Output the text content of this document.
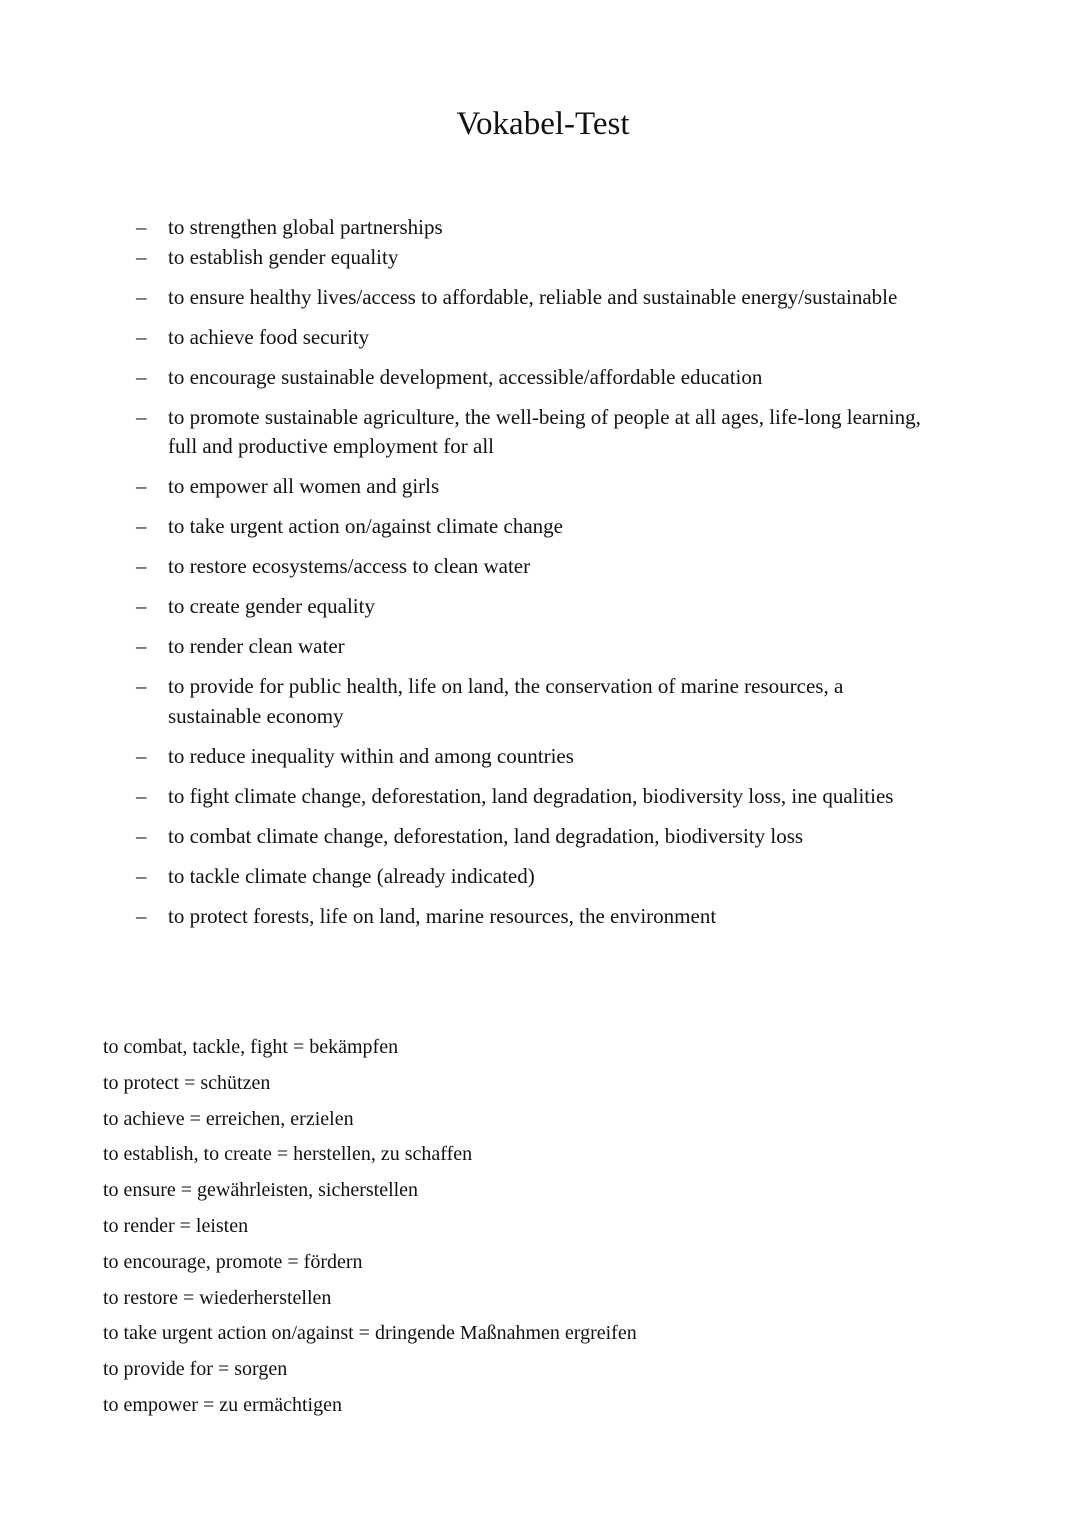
Vokabel-Test
– to strengthen global partnerships
– to establish gender equality
– to ensure healthy lives/access to affordable, reliable and sustainable energy/sustainable
– to achieve food security
– to encourage sustainable development, accessible/affordable education
– to promote sustainable agriculture, the well-being of people at all ages, life-long learning, full and productive employment for all
– to empower all women and girls
– to take urgent action on/against climate change
– to restore ecosystems/access to clean water
– to create gender equality
– to render clean water
– to provide for public health, life on land, the conservation of marine resources, a sustainable economy
– to reduce inequality within and among countries
– to fight climate change, deforestation, land degradation, biodiversity loss, ine qualities
– to combat climate change, deforestation, land degradation, biodiversity loss
– to tackle climate change (already indicated)
– to protect forests, life on land, marine resources, the environment
to combat, tackle, fight = bekämpfen
to protect = schützen
to achieve = erreichen, erzielen
to establish, to create = herstellen, zu schaffen
to ensure = gewährleisten, sicherstellen
to render = leisten
to encourage, promote = fördern
to restore = wiederherstellen
to take urgent action on/against = dringende Maßnahmen ergreifen
to provide for = sorgen
to empower = zu ermächtigen
